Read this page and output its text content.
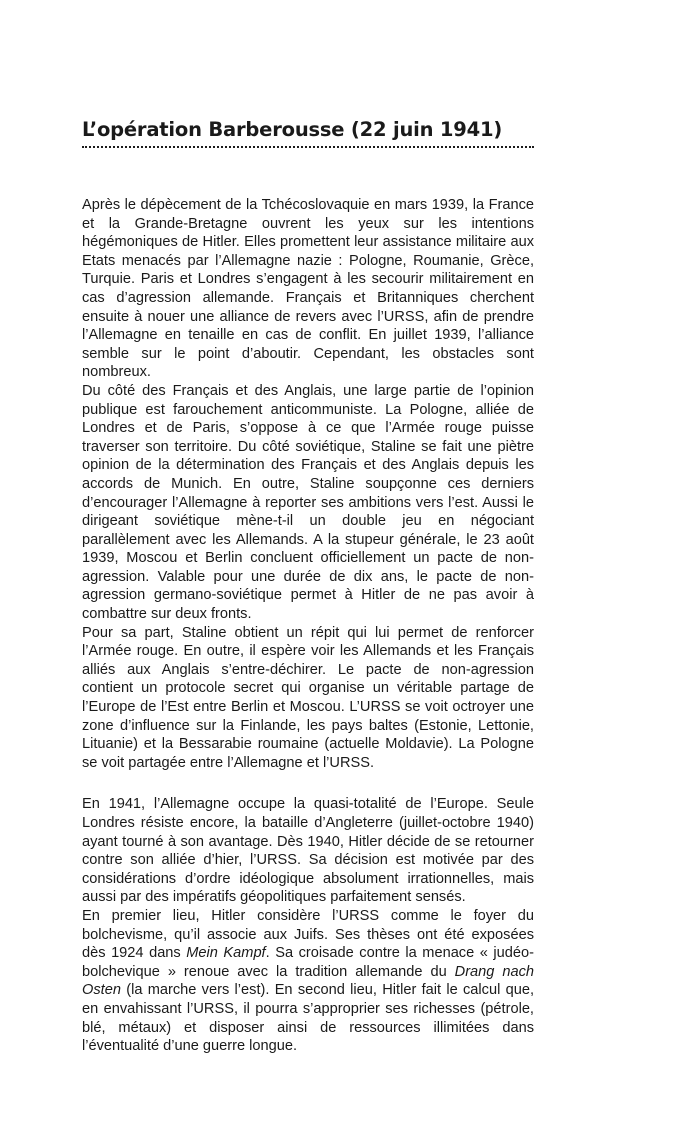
L’opération Barberousse (22 juin 1941)

Après le dépècement de la Tchécoslovaquie en mars 1939, la France et la Grande-Bretagne ouvrent les yeux sur les intentions hégémoniques de Hitler. Elles promettent leur assistance militaire aux Etats menacés par l’Allemagne nazie : Pologne, Roumanie, Grèce, Turquie. Paris et Londres s’engagent à les secourir militairement en cas d’agression allemande. Français et Britanniques cherchent ensuite à nouer une alliance de revers avec l’URSS, afin de prendre l’Allemagne en tenaille en cas de conflit. En juillet 1939, l’alliance semble sur le point d’aboutir. Cependant, les obstacles sont nombreux.

Du côté des Français et des Anglais, une large partie de l’opinion publique est farouchement anticommuniste. La Pologne, alliée de Londres et de Paris, s’oppose à ce que l’Armée rouge puisse traverser son territoire. Du côté soviétique, Staline se fait une piètre opinion de la détermination des Français et des Anglais depuis les accords de Munich. En outre, Staline soupçonne ces derniers d’encourager l’Allemagne à reporter ses ambitions vers l’est. Aussi le dirigeant soviétique mène-t-il un double jeu en négociant parallèlement avec les Allemands. A la stupeur générale, le 23 août 1939, Moscou et Berlin concluent officiellement un pacte de non-agression. Valable pour une durée de dix ans, le pacte de non-agression germano-soviétique permet à Hitler de ne pas avoir à combattre sur deux fronts.

Pour sa part, Staline obtient un répit qui lui permet de renforcer l’Armée rouge. En outre, il espère voir les Allemands et les Français alliés aux Anglais s’entre-déchirer. Le pacte de non-agression contient un protocole secret qui organise un véritable partage de l’Europe de l’Est entre Berlin et Moscou. L’URSS se voit octroyer une zone d’influence sur la Finlande, les pays baltes (Estonie, Lettonie, Lituanie) et la Bessarabie roumaine (actuelle Moldavie). La Pologne se voit partagée entre l’Allemagne et l’URSS.

En 1941, l’Allemagne occupe la quasi-totalité de l’Europe. Seule Londres résiste encore, la bataille d’Angleterre (juillet-octobre 1940) ayant tourné à son avantage. Dès 1940, Hitler décide de se retourner contre son alliée d’hier, l’URSS. Sa décision est motivée par des considérations d’ordre idéologique absolument irrationnelles, mais aussi par des impératifs géopolitiques parfaitement sensés.

En premier lieu, Hitler considère l’URSS comme le foyer du bolchevisme, qu’il associe aux Juifs. Ses thèses ont été exposées dès 1924 dans Mein Kampf. Sa croisade contre la menace « judéo-bolchevique » renoue avec la tradition allemande du Drang nach Osten (la marche vers l’est). En second lieu, Hitler fait le calcul que, en envahissant l’URSS, il pourra s’approprier ses richesses (pétrole, blé, métaux) et disposer ainsi de ressources illimitées dans l’éventualité d’une guerre longue.
